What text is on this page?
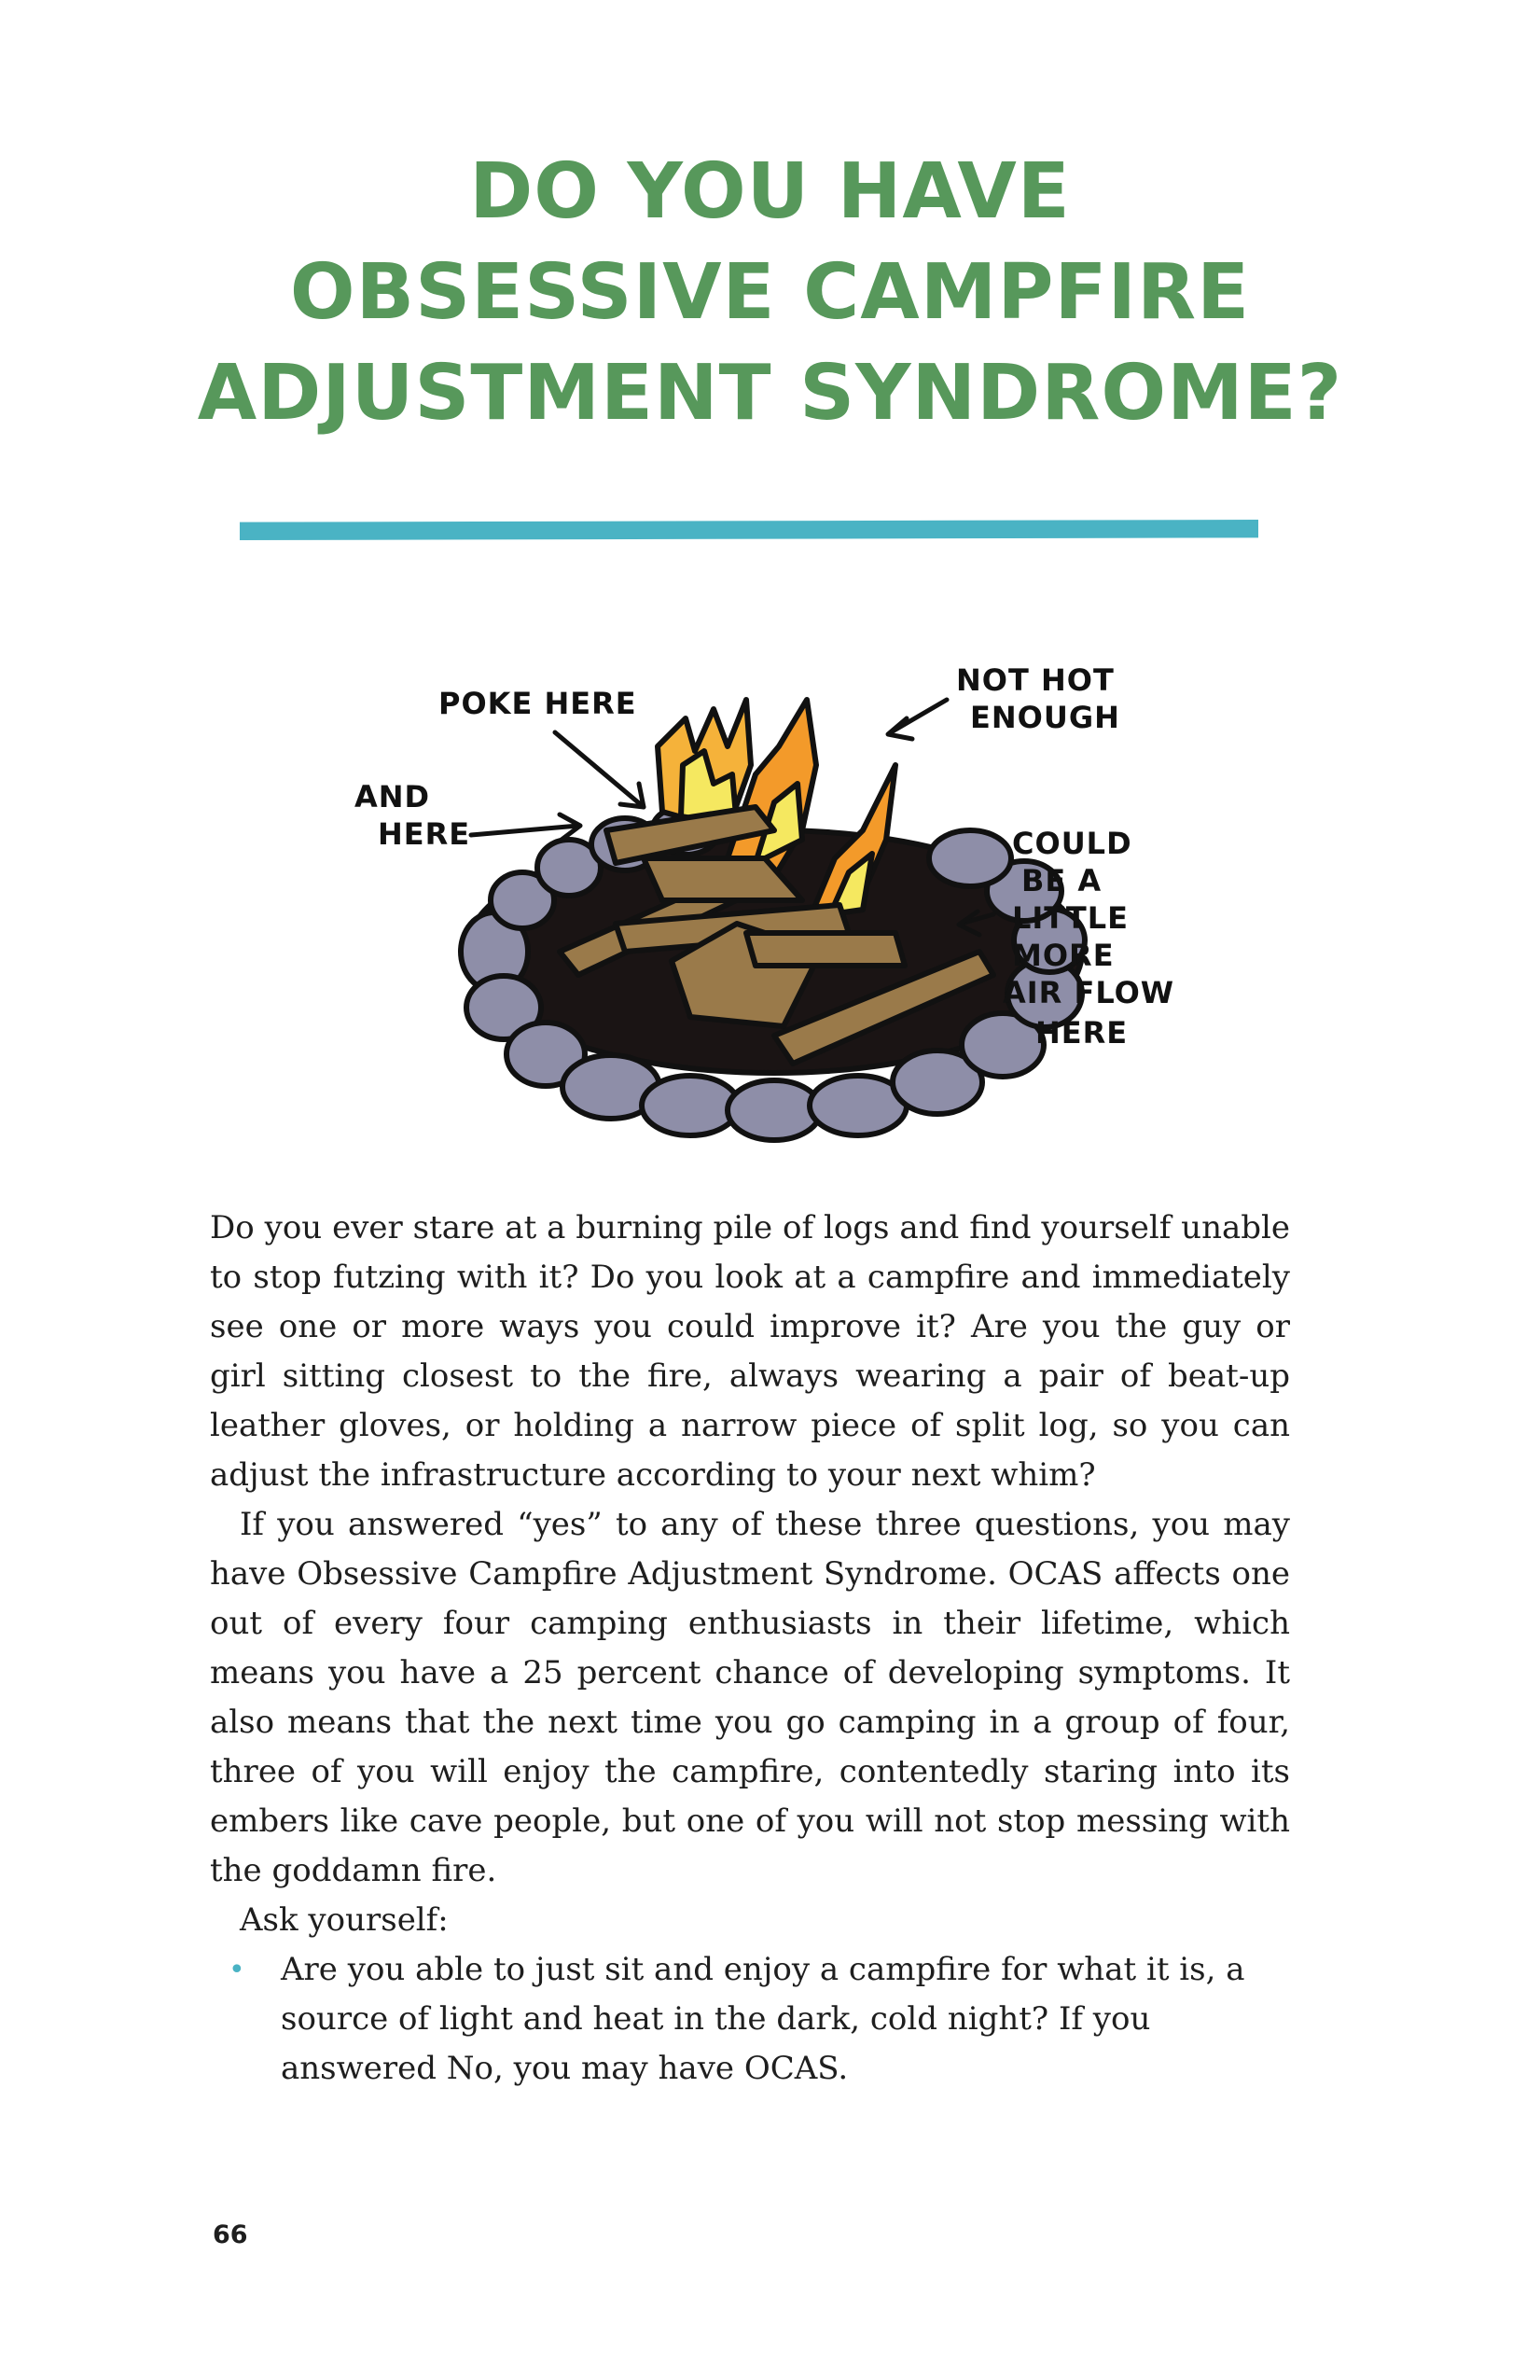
DO YOU HAVE
OBSESSIVE CAMPFIRE
ADJUSTMENT SYNDROME?
POKE HERE
AND
HERE
NOT HOT
ENOUGH
COULD
BE A
LITTLE
MORE
AIR FLOW
HERE

Do you ever stare at a burning pile of logs and find yourself unable to stop futzing with it? Do you look at a campfire and immediately see one or more ways you could improve it? Are you the guy or girl sitting closest to the fire, always wearing a pair of beat-up leather gloves, or holding a narrow piece of split log, so you can adjust the infrastructure according to your next whim?

If you answered “yes” to any of these three questions, you may have Obsessive Campfire Adjustment Syndrome. OCAS affects one out of every four camping enthusiasts in their lifetime, which means you have a 25 percent chance of developing symptoms. It also means that the next time you go camping in a group of four, three of you will enjoy the campfire, contentedly staring into its embers like cave people, but one of you will not stop messing with the goddamn fire.

Ask yourself:

• Are you able to just sit and enjoy a campfire for what it is, a source of light and heat in the dark, cold night? If you answered No, you may have OCAS.
66
